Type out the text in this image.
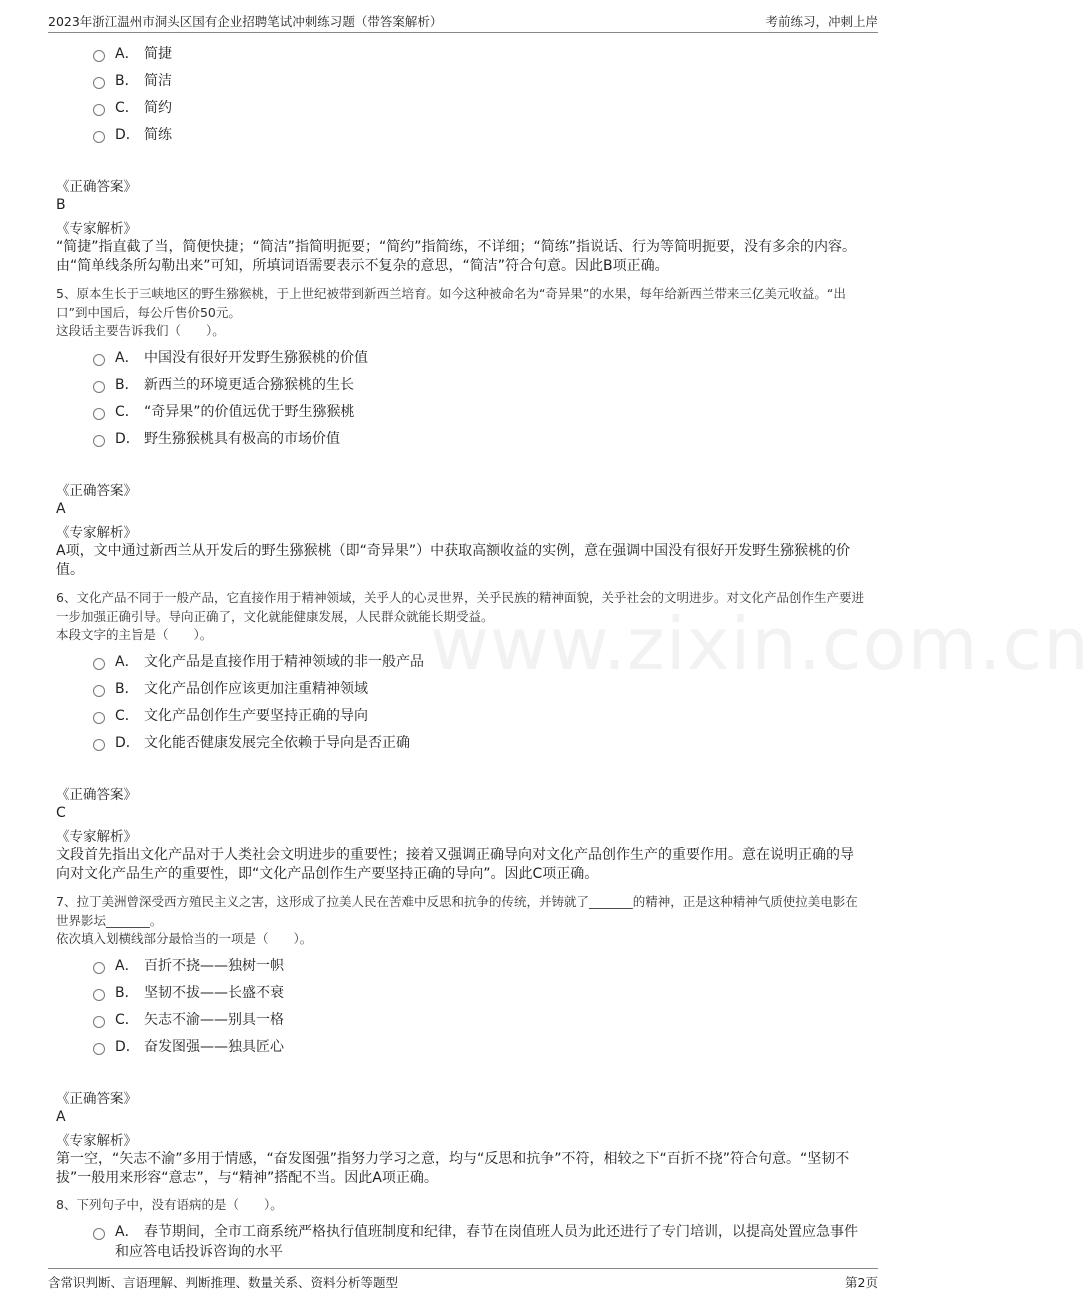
2023年浙江温州市洞头区国有企业招聘笔试冲刺练习题（带答案解析）	考前练习，冲刺上岸
www.zixin.com.cn
A． 简捷
B． 简洁
C． 简约
D． 简练
《正确答案》
B
《专家解析》
“简捷”指直截了当，简便快捷；“简洁”指简明扼要；“简约”指简练，不详细；“简练”指说话、行为等简明扼要，没有多余的内容。由“简单线条所勾勒出来”可知，所填词语需要表示不复杂的意思，“简洁”符合句意。因此B项正确。
5、原本生长于三峡地区的野生猕猴桃，于上世纪被带到新西兰培育。如今这种被命名为“奇异果”的水果，每年给新西兰带来三亿美元收益。“出口”到中国后，每公斤售价50元。
这段话主要告诉我们（　　）。
A． 中国没有很好开发野生猕猴桃的价值
B． 新西兰的环境更适合猕猴桃的生长
C． “奇异果”的价值远优于野生猕猴桃
D． 野生猕猴桃具有极高的市场价值
《正确答案》
A
《专家解析》
A项，文中通过新西兰从开发后的野生猕猴桃（即“奇异果”）中获取高额收益的实例，意在强调中国没有很好开发野生猕猴桃的价值。
6、文化产品不同于一般产品，它直接作用于精神领域，关乎人的心灵世界，关乎民族的精神面貌，关乎社会的文明进步。对文化产品创作生产要进一步加强正确引导。导向正确了，文化就能健康发展，人民群众就能长期受益。
本段文字的主旨是（　　）。
A． 文化产品是直接作用于精神领域的非一般产品
B． 文化产品创作应该更加注重精神领域
C． 文化产品创作生产要坚持正确的导向
D． 文化能否健康发展完全依赖于导向是否正确
《正确答案》
C
《专家解析》
文段首先指出文化产品对于人类社会文明进步的重要性；接着又强调正确导向对文化产品创作生产的重要作用。意在说明正确的导向对文化产品生产的重要性，即“文化产品创作生产要坚持正确的导向”。因此C项正确。
7、拉丁美洲曾深受西方殖民主义之害，这形成了拉美人民在苦难中反思和抗争的传统，并铸就了_______的精神，正是这种精神气质使拉美电影在世界影坛_______。
依次填入划横线部分最恰当的一项是（　　）。
A． 百折不挠——独树一帜
B． 坚韧不拔——长盛不衰
C． 矢志不渝——别具一格
D． 奋发图强——独具匠心
《正确答案》
A
《专家解析》
第一空，“矢志不渝”多用于情感，“奋发图强”指努力学习之意，均与“反思和抗争”不符，相较之下“百折不挠”符合句意。“坚韧不拔”一般用来形容“意志”，与“精神”搭配不当。因此A项正确。
8、下列句子中，没有语病的是（　　）。
A． 春节期间，全市工商系统严格执行值班制度和纪律，春节在岗值班人员为此还进行了专门培训，以提高处置应急事件和应答电话投诉咨询的水平
含常识判断、言语理解、判断推理、数量关系、资料分析等题型	第2页
